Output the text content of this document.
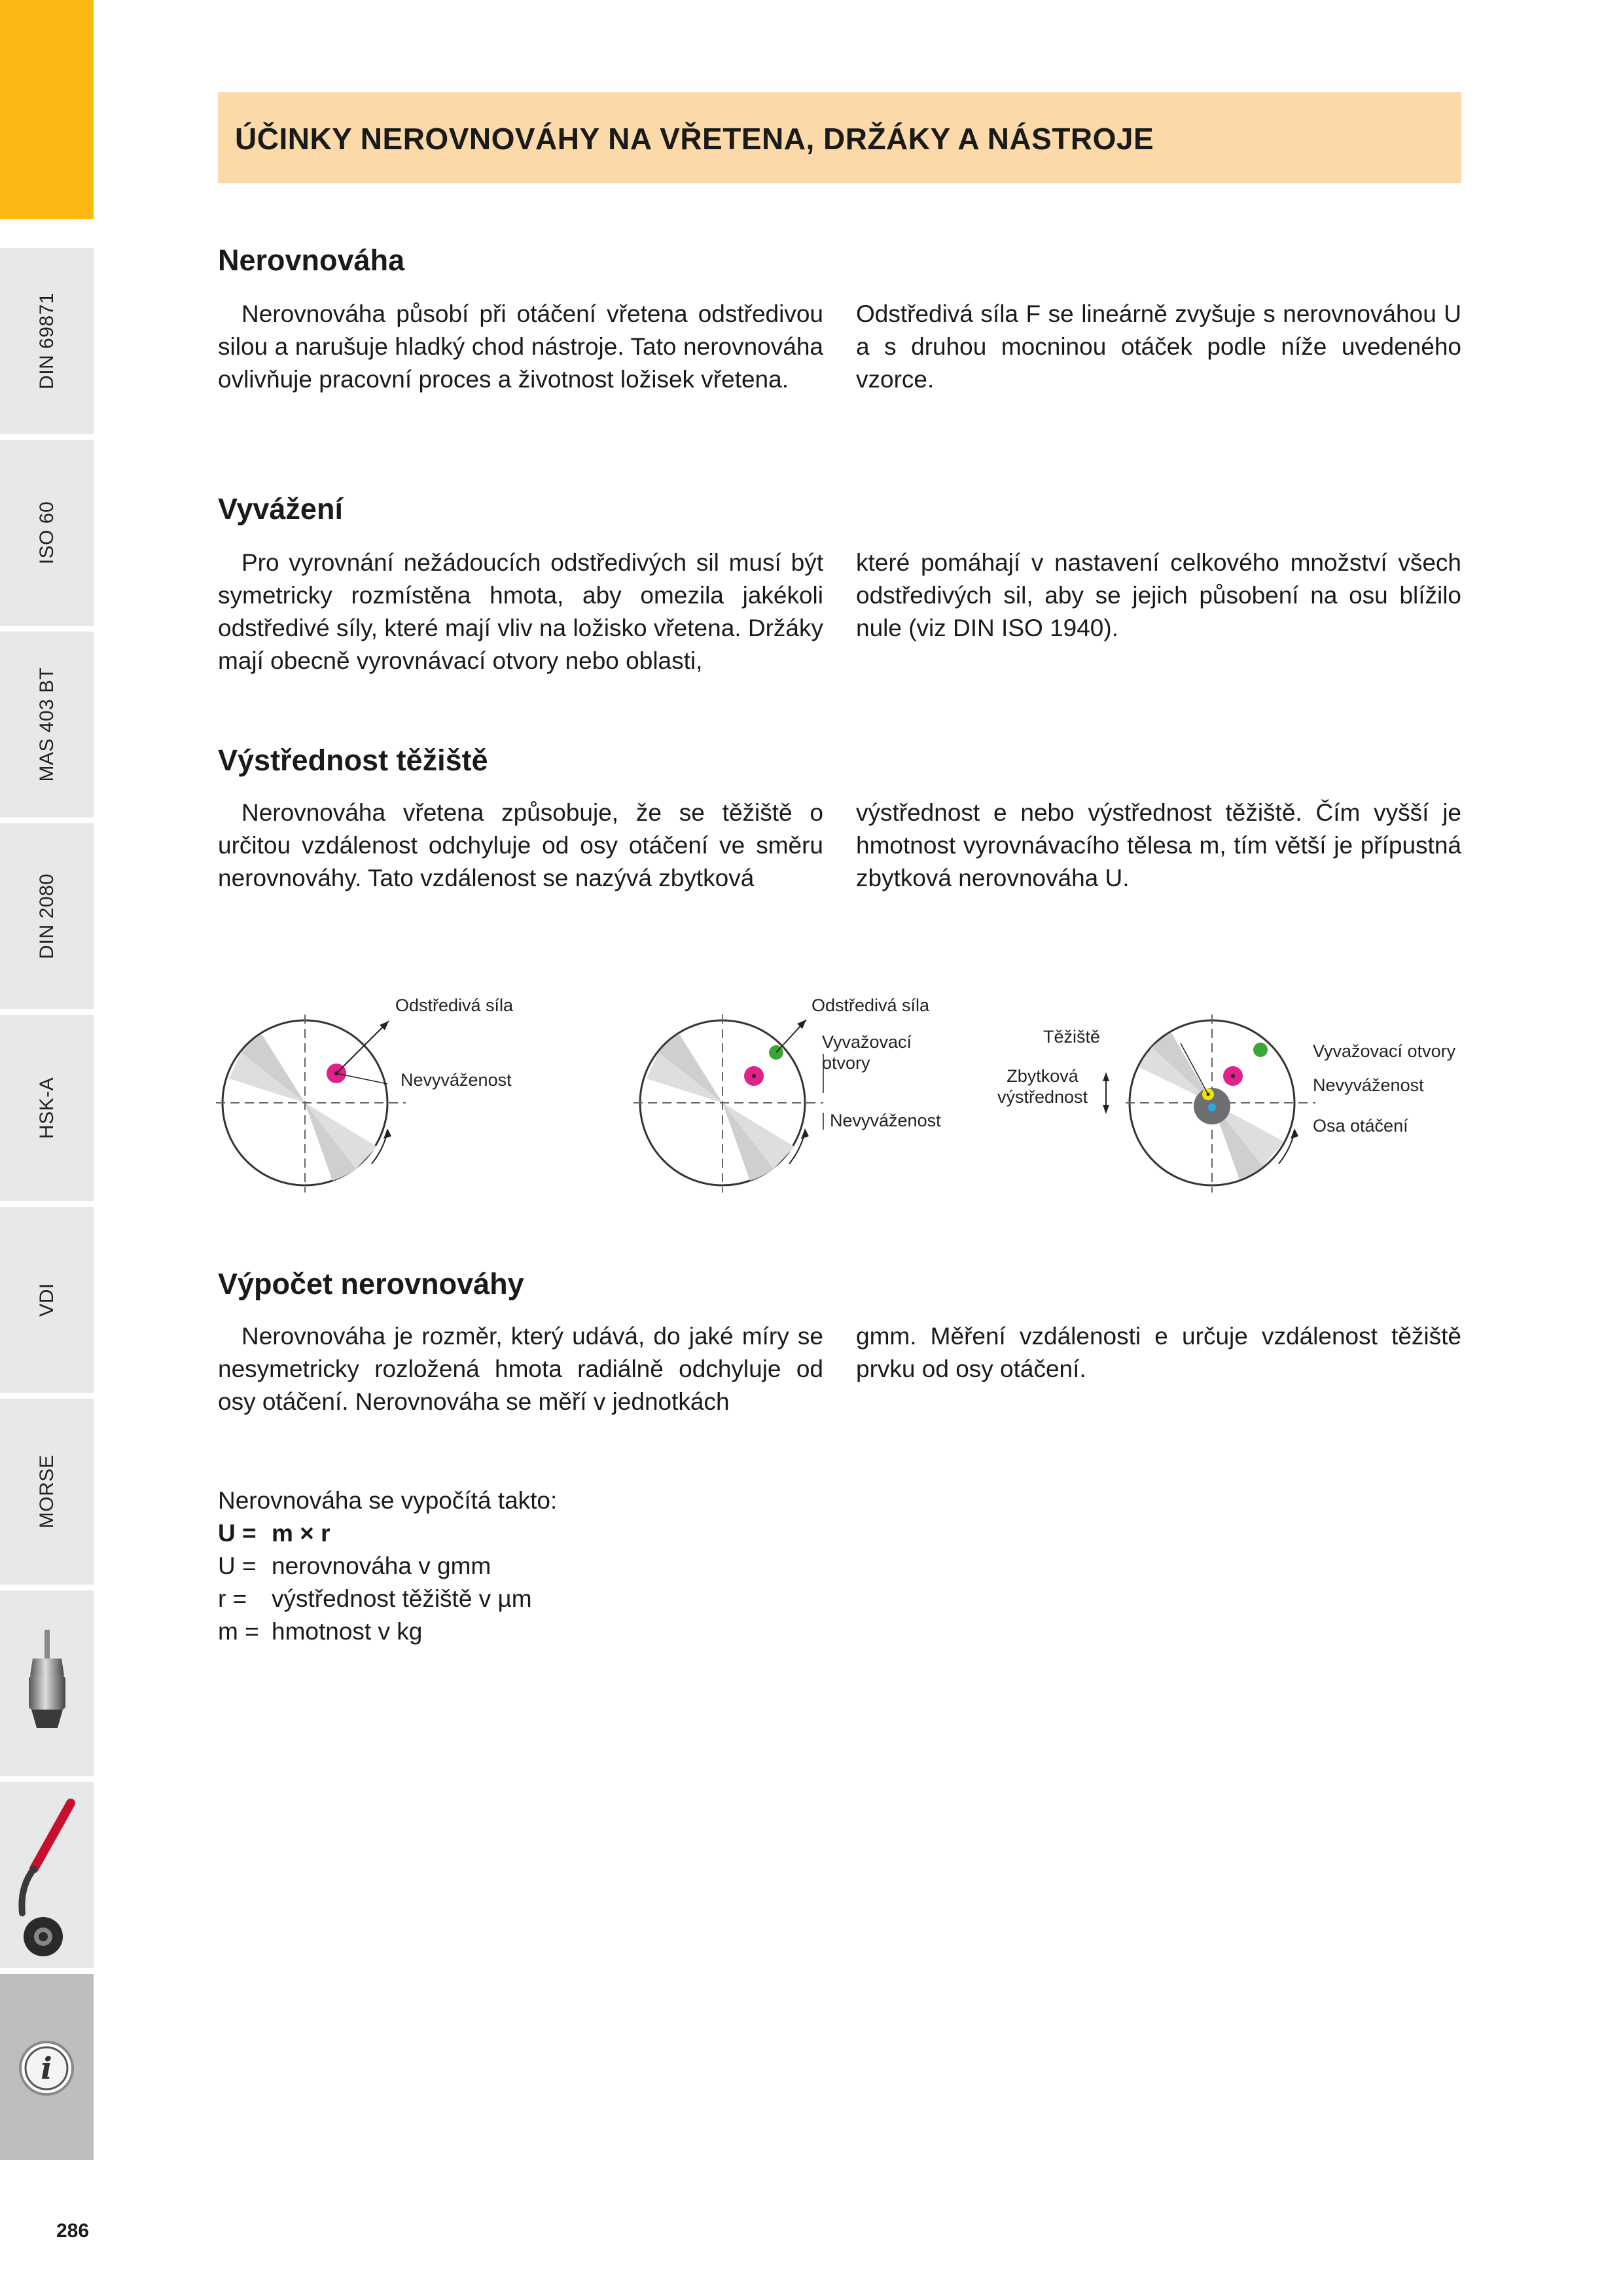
DIN 69871
ISO 60
MAS 403 BT
DIN 2080
HSK-A
VDI
MORSE
i
ÚČINKY NEROVNOVÁHY NA VŘETENA, DRŽÁKY A NÁSTROJE
Nerovnováha

Nerovnováha působí při otáčení vřetena odstředivou silou a narušuje hladký chod nástroje. Tato nerovnováha ovlivňuje pracovní proces a životnost ložisek vřetena.

Odstředivá síla F se lineárně zvyšuje s nerovnováhou U a s druhou mocninou otáček podle níže uvedeného vzorce.

Vyvážení

Pro vyrovnání nežádoucích odstředivých sil musí být symetricky rozmístěna hmota, aby omezila jakékoli odstředivé síly, které mají vliv na ložisko vřetena. Držáky mají obecně vyrovnávací otvory nebo oblasti,

které pomáhají v nastavení celkového množství všech odstředivých sil, aby se jejich působení na osu blížilo nule (viz DIN ISO 1940).

Výstřednost těžiště

Nerovnováha vřetena způsobuje, že se těžiště o určitou vzdálenost odchyluje od osy otáčení ve směru nerovnováhy. Tato vzdálenost se nazývá zbytková

výstřednost e nebo výstřednost těžiště. Čím vyšší je hmotnost vyrovnávacího tělesa m, tím větší je přípustná zbytková nerovnováha U.

Odstředivá síla
Nevyváženost
Odstředivá síla
Vyvažovací otvory
Nevyváženost
Těžiště
Zbytková výstřednost
Vyvažovací otvory
Nevyváženost
Osa otáčení
Výpočet nerovnováhy

Nerovnováha je rozměr, který udává, do jaké míry se nesymetricky rozložená hmota radiálně odchyluje od osy otáčení. Nerovnováha se měří v jednotkách

gmm. Měření vzdálenosti e určuje vzdálenost těžiště prvku od osy otáčení.

Nerovnováha se vypočítá takto:
U = m × r
U = nerovnováha v gmm
r = výstřednost těžiště v µm
m = hmotnost v kg
286
